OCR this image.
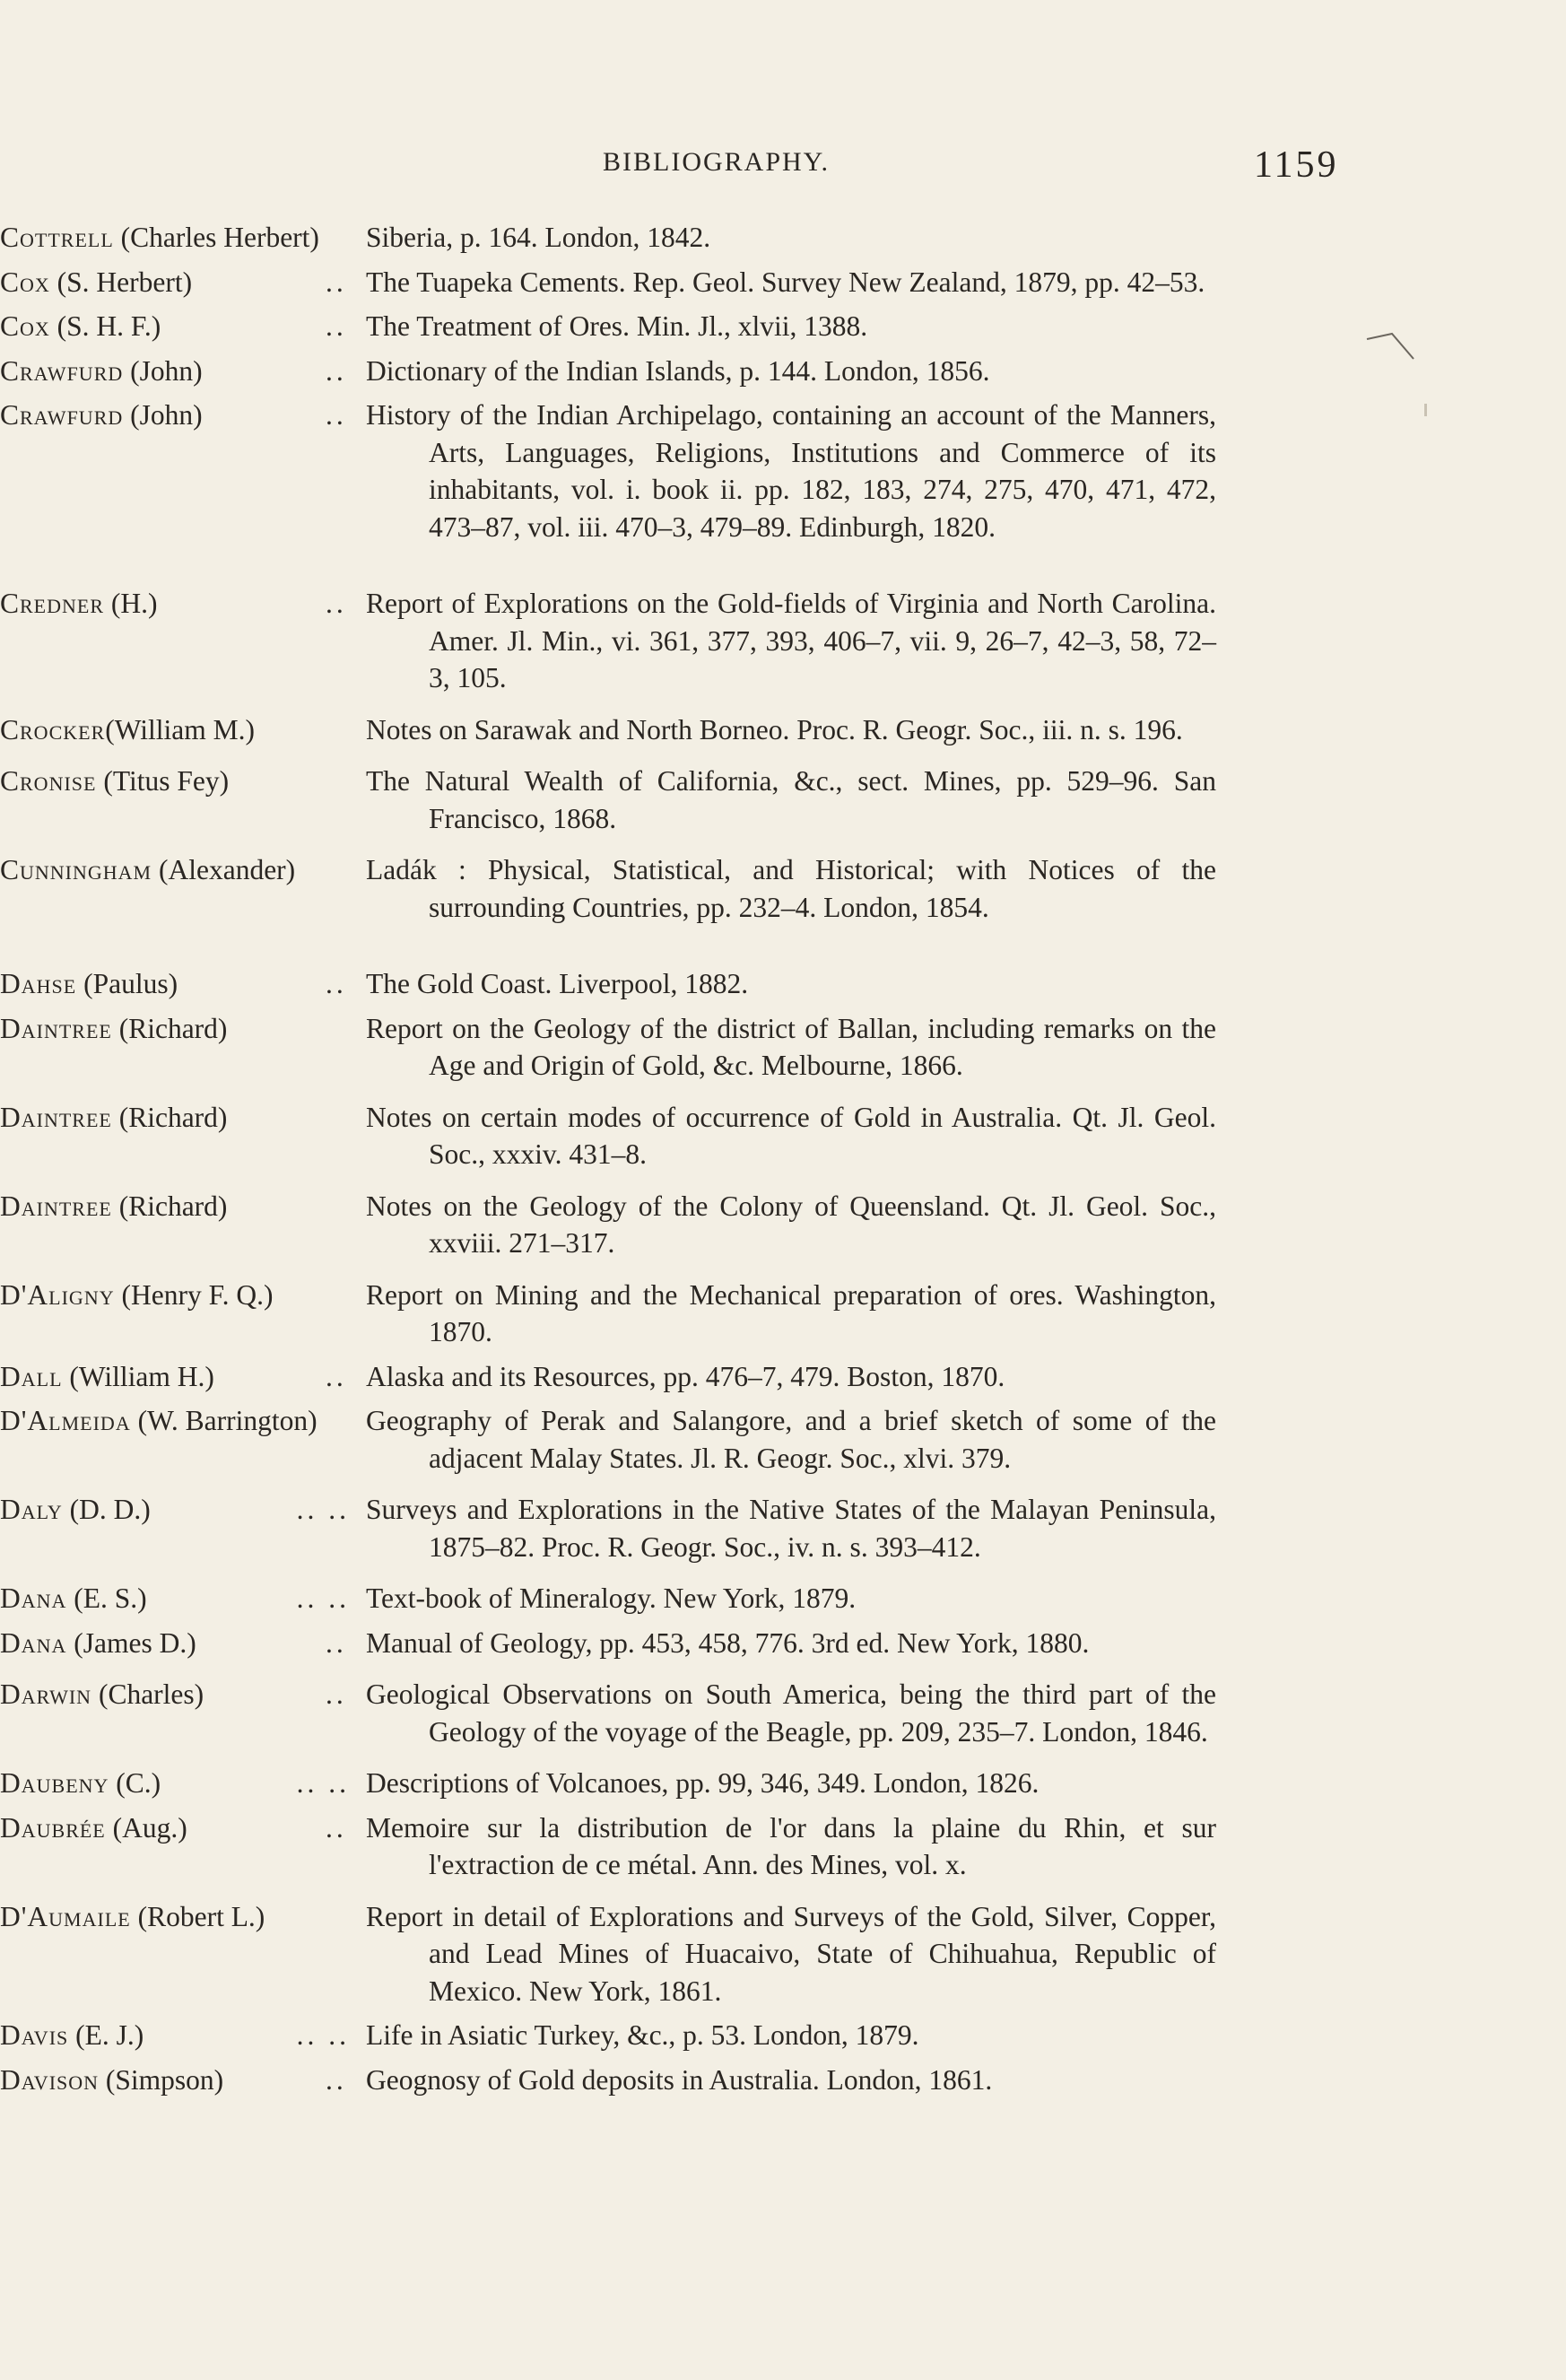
BIBLIOGRAPHY.	1159
Cottrell (Charles Herbert)	Siberia, p. 164. London, 1842.
Cox (S. Herbert)	.. The Tuapeka Cements. Rep. Geol. Survey New Zealand, 1879, pp. 42–53.
Cox (S. H. F.)	.. The Treatment of Ores. Min. Jl., xlvii, 1388.
Crawfurd (John)	.. Dictionary of the Indian Islands, p. 144. London, 1856.
Crawfurd (John)	.. History of the Indian Archipelago, containing an account of the Manners, Arts, Languages, Religions, Institutions and Commerce of its inhabitants, vol. i. book ii. pp. 182, 183, 274, 275, 470, 471, 472, 473–87, vol. iii. 470–3, 479–89. Edinburgh, 1820.
Credner (H.)	.. Report of Explorations on the Gold-fields of Virginia and North Carolina. Amer. Jl. Min., vi. 361, 377, 393, 406–7, vii. 9, 26–7, 42–3, 58, 72–3, 105.
Crocker(William M.)	Notes on Sarawak and North Borneo. Proc. R. Geogr. Soc., iii. n. s. 196.
Cronise (Titus Fey)	The Natural Wealth of California, &c., sect. Mines, pp. 529–96. San Francisco, 1868.
Cunningham (Alexander)	Ladák : Physical, Statistical, and Historical; with Notices of the surrounding Countries, pp. 232–4. London, 1854.
Dahse (Paulus)	.. The Gold Coast. Liverpool, 1882.
Daintree (Richard)	Report on the Geology of the district of Ballan, including remarks on the Age and Origin of Gold, &c. Melbourne, 1866.
Daintree (Richard)	Notes on certain modes of occurrence of Gold in Australia. Qt. Jl. Geol. Soc., xxxiv. 431–8.
Daintree (Richard)	Notes on the Geology of the Colony of Queensland. Qt. Jl. Geol. Soc., xxviii. 271–317.
D'Aligny (Henry F. Q.)	Report on Mining and the Mechanical preparation of ores. Washington, 1870.
Dall (William H.)	.. Alaska and its Resources, pp. 476–7, 479. Boston, 1870.
D'Almeida (W. Barrington)	Geography of Perak and Salangore, and a brief sketch of some of the adjacent Malay States. Jl. R. Geogr. Soc., xlvi. 379.
Daly (D. D.)	.. .. Surveys and Explorations in the Native States of the Malayan Peninsula, 1875–82. Proc. R. Geogr. Soc., iv. n. s. 393–412.
Dana (E. S.)	.. .. Text-book of Mineralogy. New York, 1879.
Dana (James D.)	.. Manual of Geology, pp. 453, 458, 776. 3rd ed. New York, 1880.
Darwin (Charles)	.. Geological Observations on South America, being the third part of the Geology of the voyage of the Beagle, pp. 209, 235–7. London, 1846.
Daubeny (C.)	.. .. Descriptions of Volcanoes, pp. 99, 346, 349. London, 1826.
Daubrée (Aug.)	.. Memoire sur la distribution de l'or dans la plaine du Rhin, et sur l'extraction de ce métal. Ann. des Mines, vol. x.
D'Aumaile (Robert L.)	Report in detail of Explorations and Surveys of the Gold, Silver, Copper, and Lead Mines of Huacaivo, State of Chihuahua, Republic of Mexico. New York, 1861.
Davis (E. J.)	.. .. Life in Asiatic Turkey, &c., p. 53. London, 1879.
Davison (Simpson)	.. Geognosy of Gold deposits in Australia. London, 1861.
